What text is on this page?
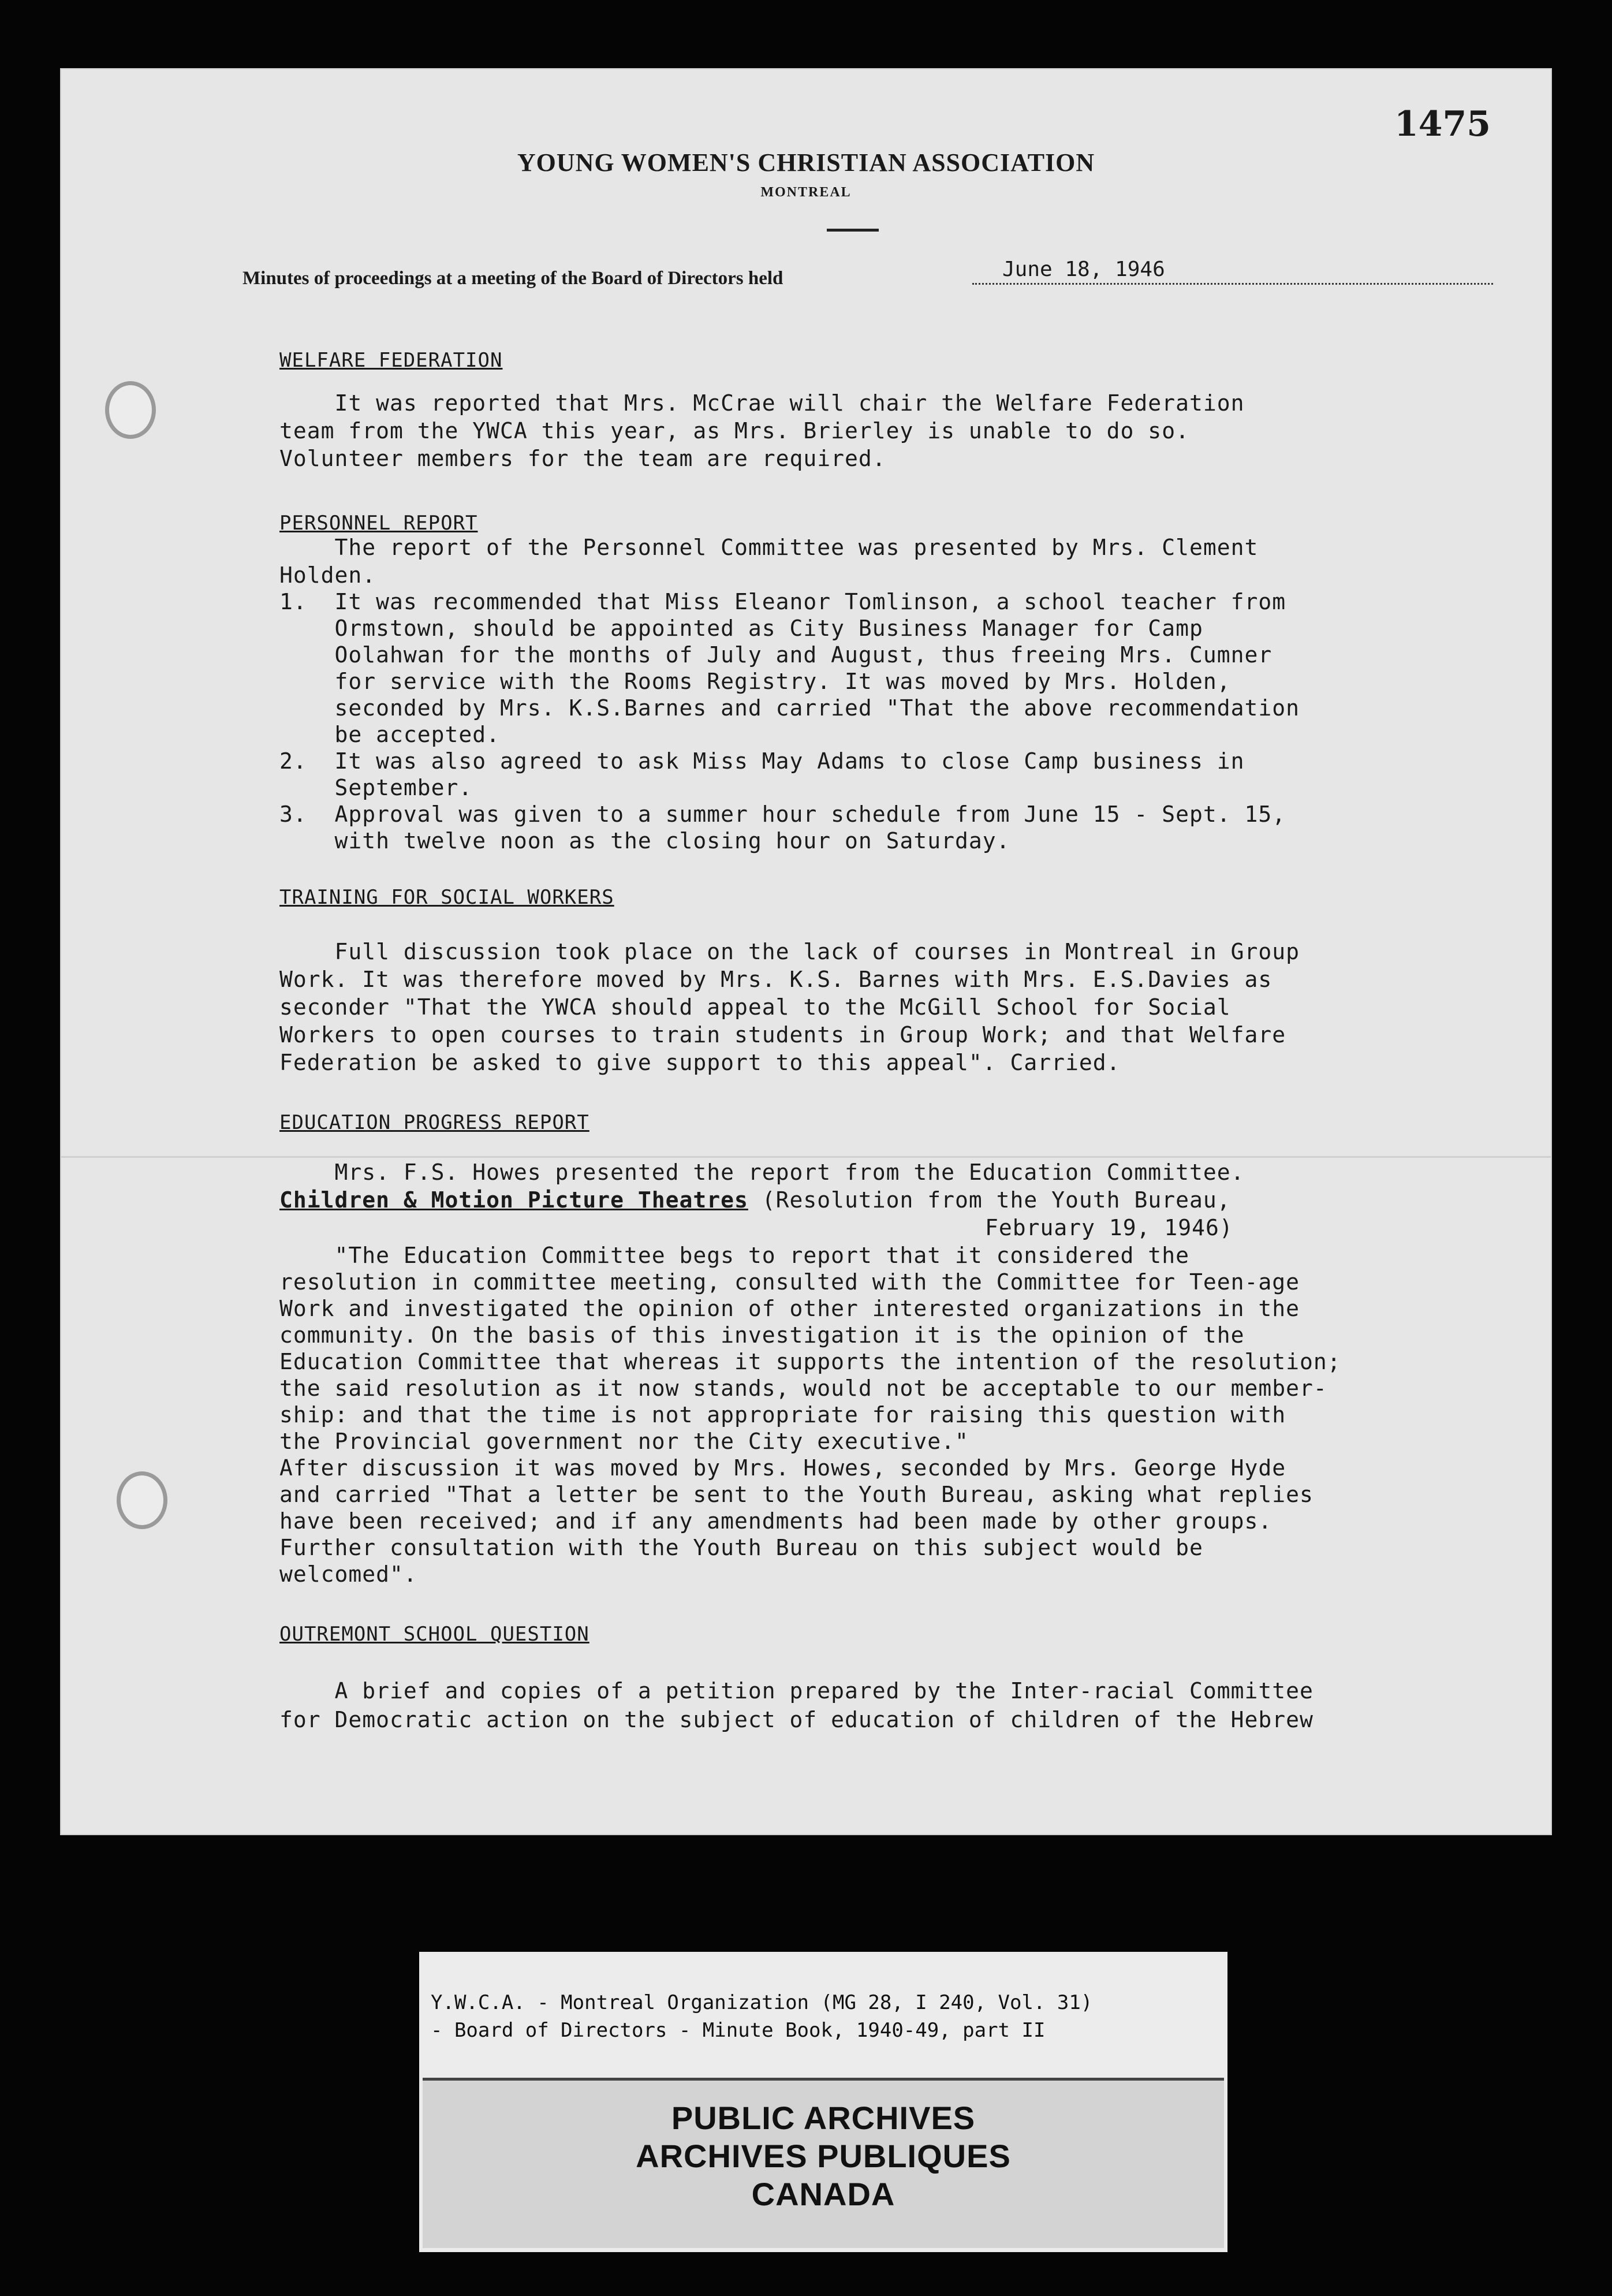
1475
YOUNG WOMEN'S CHRISTIAN ASSOCIATION
MONTREAL
Minutes of proceedings at a meeting of the Board of Directors held	June 18, 1946
WELFARE FEDERATION
It was reported that Mrs. McCrae will chair the Welfare Federation
team from the YWCA this year, as Mrs. Brierley is unable to do so.
Volunteer members for the team are required.
PERSONNEL REPORT
The report of the Personnel Committee was presented by Mrs. Clement
Holden.
1.  It was recommended that Miss Eleanor Tomlinson, a school teacher from
Ormstown, should be appointed as City Business Manager for Camp
Oolahwan for the months of July and August, thus freeing Mrs. Cumner
for service with the Rooms Registry. It was moved by Mrs. Holden,
seconded by Mrs. K.S.Barnes and carried "That the above recommendation
be accepted.
2.  It was also agreed to ask Miss May Adams to close Camp business in
September.
3.  Approval was given to a summer hour schedule from June 15 - Sept. 15,
with twelve noon as the closing hour on Saturday.
TRAINING FOR SOCIAL WORKERS
Full discussion took place on the lack of courses in Montreal in Group
Work. It was therefore moved by Mrs. K.S. Barnes with Mrs. E.S.Davies as
seconder "That the YWCA should appeal to the McGill School for Social
Workers to open courses to train students in Group Work; and that Welfare
Federation be asked to give support to this appeal". Carried.
EDUCATION PROGRESS REPORT
Mrs. F.S. Howes presented the report from the Education Committee.
Children & Motion Picture Theatres (Resolution from the Youth Bureau,
February 19, 1946)
"The Education Committee begs to report that it considered the
resolution in committee meeting, consulted with the Committee for Teen-age
Work and investigated the opinion of other interested organizations in the
community. On the basis of this investigation it is the opinion of the
Education Committee that whereas it supports the intention of the resolution;
the said resolution as it now stands, would not be acceptable to our member-
ship: and that the time is not appropriate for raising this question with
the Provincial government nor the City executive."
After discussion it was moved by Mrs. Howes, seconded by Mrs. George Hyde
and carried "That a letter be sent to the Youth Bureau, asking what replies
have been received; and if any amendments had been made by other groups.
Further consultation with the Youth Bureau on this subject would be
welcomed".
OUTREMONT SCHOOL QUESTION
A brief and copies of a petition prepared by the Inter-racial Committee
for Democratic action on the subject of education of children of the Hebrew
Y.W.C.A. - Montreal Organization (MG 28, I 240, Vol. 31)
- Board of Directors - Minute Book, 1940-49, part II
PUBLIC ARCHIVES
ARCHIVES PUBLIQUES
CANADA
